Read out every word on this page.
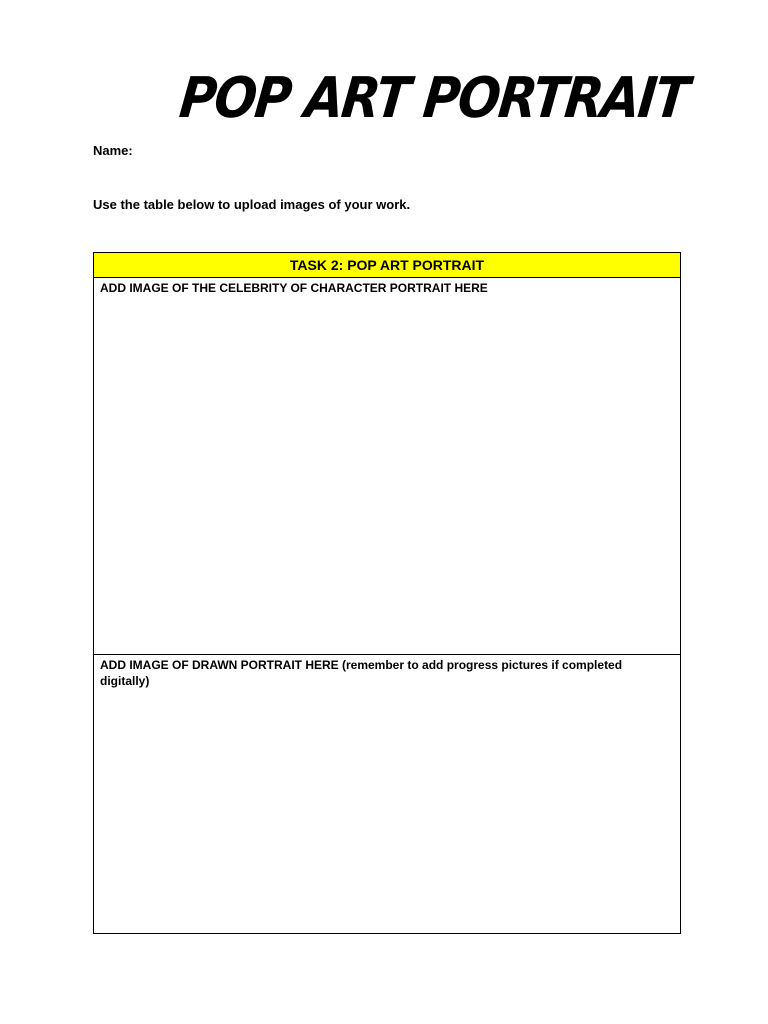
POP ART PORTRAIT
Name:
Use the table below to upload images of your work.
TASK 2: POP ART PORTRAIT
ADD IMAGE OF THE CELEBRITY OF CHARACTER PORTRAIT HERE
ADD IMAGE OF DRAWN PORTRAIT HERE (remember to add progress pictures if completed digitally)
